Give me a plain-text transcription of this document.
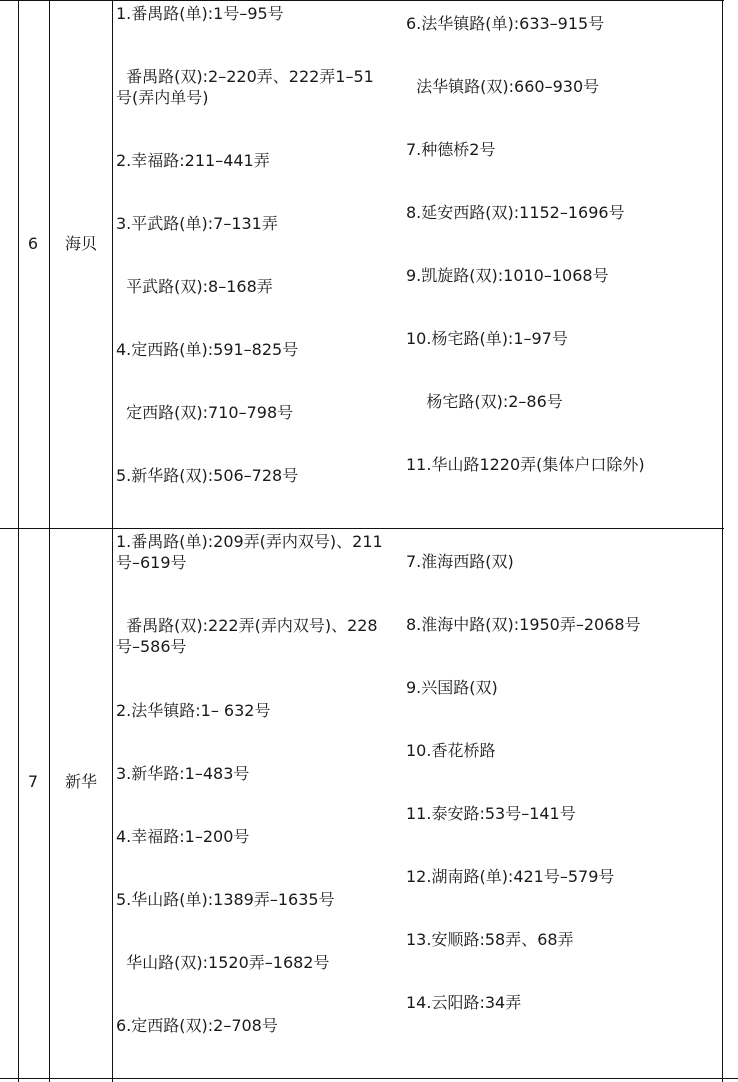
6	海贝
1.番禺路(单):1号–95号
番禺路(双):2–220弄、222弄1–51号(弄内单号)
2.幸福路:211–441弄
3.平武路(单):7–131弄
平武路(双):8–168弄
4.定西路(单):591–825号
定西路(双):710–798号
5.新华路(双):506–728号
6.法华镇路(单):633–915号
法华镇路(双):660–930号
7.种德桥2号
8.延安西路(双):1152–1696号
9.凯旋路(双):1010–1068号
10.杨宅路(单):1–97号
杨宅路(双):2–86号
11.华山路1220弄(集体户口除外)
7	新华
1.番禺路(单):209弄(弄内双号)、211号–619号
番禺路(双):222弄(弄内双号)、228号–586号
2.法华镇路:1– 632号
3.新华路:1–483号
4.幸福路:1–200号
5.华山路(单):1389弄–1635号
华山路(双):1520弄–1682号
6.定西路(双):2–708号
7.淮海西路(双)
8.淮海中路(双):1950弄–2068号
9.兴国路(双)
10.香花桥路
11.泰安路:53号–141号
12.湖南路(单):421号–579号
13.安顺路:58弄、68弄
14.云阳路:34弄
